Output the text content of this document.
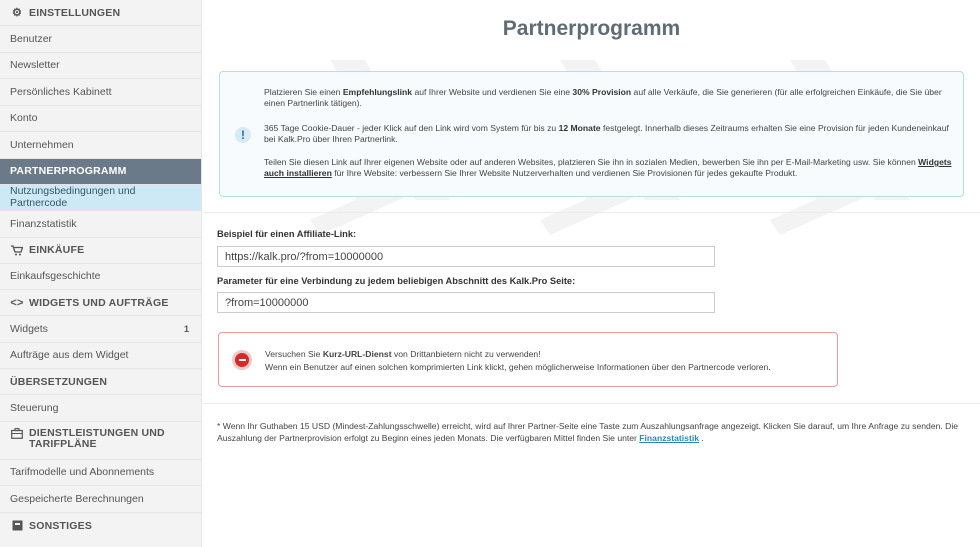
⚙ EINSTELLUNGEN
Benutzer
Newsletter
Persönliches Kabinett
Konto
Unternehmen
PARTNERPROGRAMM
Nutzungsbedingungen und Partnercode
Finanzstatistik
EINKÄUFE
Einkaufsgeschichte
<> WIDGETS UND AUFTRÄGE
Widgets	1
Aufträge aus dem Widget
ÜBERSETZUNGEN
Steuerung
DIENSTLEISTUNGEN UND
TARIFPLÄNE
Tarifmodelle und Abonnements
Gespeicherte Berechnungen
SONSTIGES
Partnerprogramm
!

Platzieren Sie einen Empfehlungslink auf Ihrer Website und verdienen Sie eine 30% Provision auf alle Verkäufe, die Sie generieren (für alle erfolgreichen Einkäufe, die Sie über einen Partnerlink tätigen).

365 Tage Cookie-Dauer - jeder Klick auf den Link wird vom System für bis zu 12 Monate festgelegt. Innerhalb dieses Zeitraums erhalten Sie eine Provision für jeden Kundeneinkauf bei Kalk.Pro über Ihren Partnerlink.

Teilen Sie diesen Link auf Ihrer eigenen Website oder auf anderen Websites, platzieren Sie ihn in sozialen Medien, bewerben Sie ihn per E-Mail-Marketing usw. Sie können Widgets auch installieren für Ihre Website: verbessern Sie Ihrer Website Nutzerverhalten und verdienen Sie Provisionen für jedes gekaufte Produkt.

Beispiel für einen Affiliate-Link:
https://kalk.pro/?from=10000000
Parameter für eine Verbindung zu jedem beliebigen Abschnitt des Kalk.Pro Seite:
?from=10000000

Versuchen Sie Kurz-URL-Dienst von Drittanbietern nicht zu verwenden!

Wenn ein Benutzer auf einen solchen komprimierten Link klickt, gehen möglicherweise Informationen über den Partnercode verloren.

* Wenn Ihr Guthaben 15 USD (Mindest-Zahlungsschwelle) erreicht, wird auf Ihrer Partner-Seite eine Taste zum Auszahlungsanfrage angezeigt. Klicken Sie darauf, um Ihre Anfrage zu senden. Die Auszahlung der Partnerprovision erfolgt zu Beginn eines jeden Monats. Die verfügbaren Mittel finden Sie unter Finanzstatistik .
